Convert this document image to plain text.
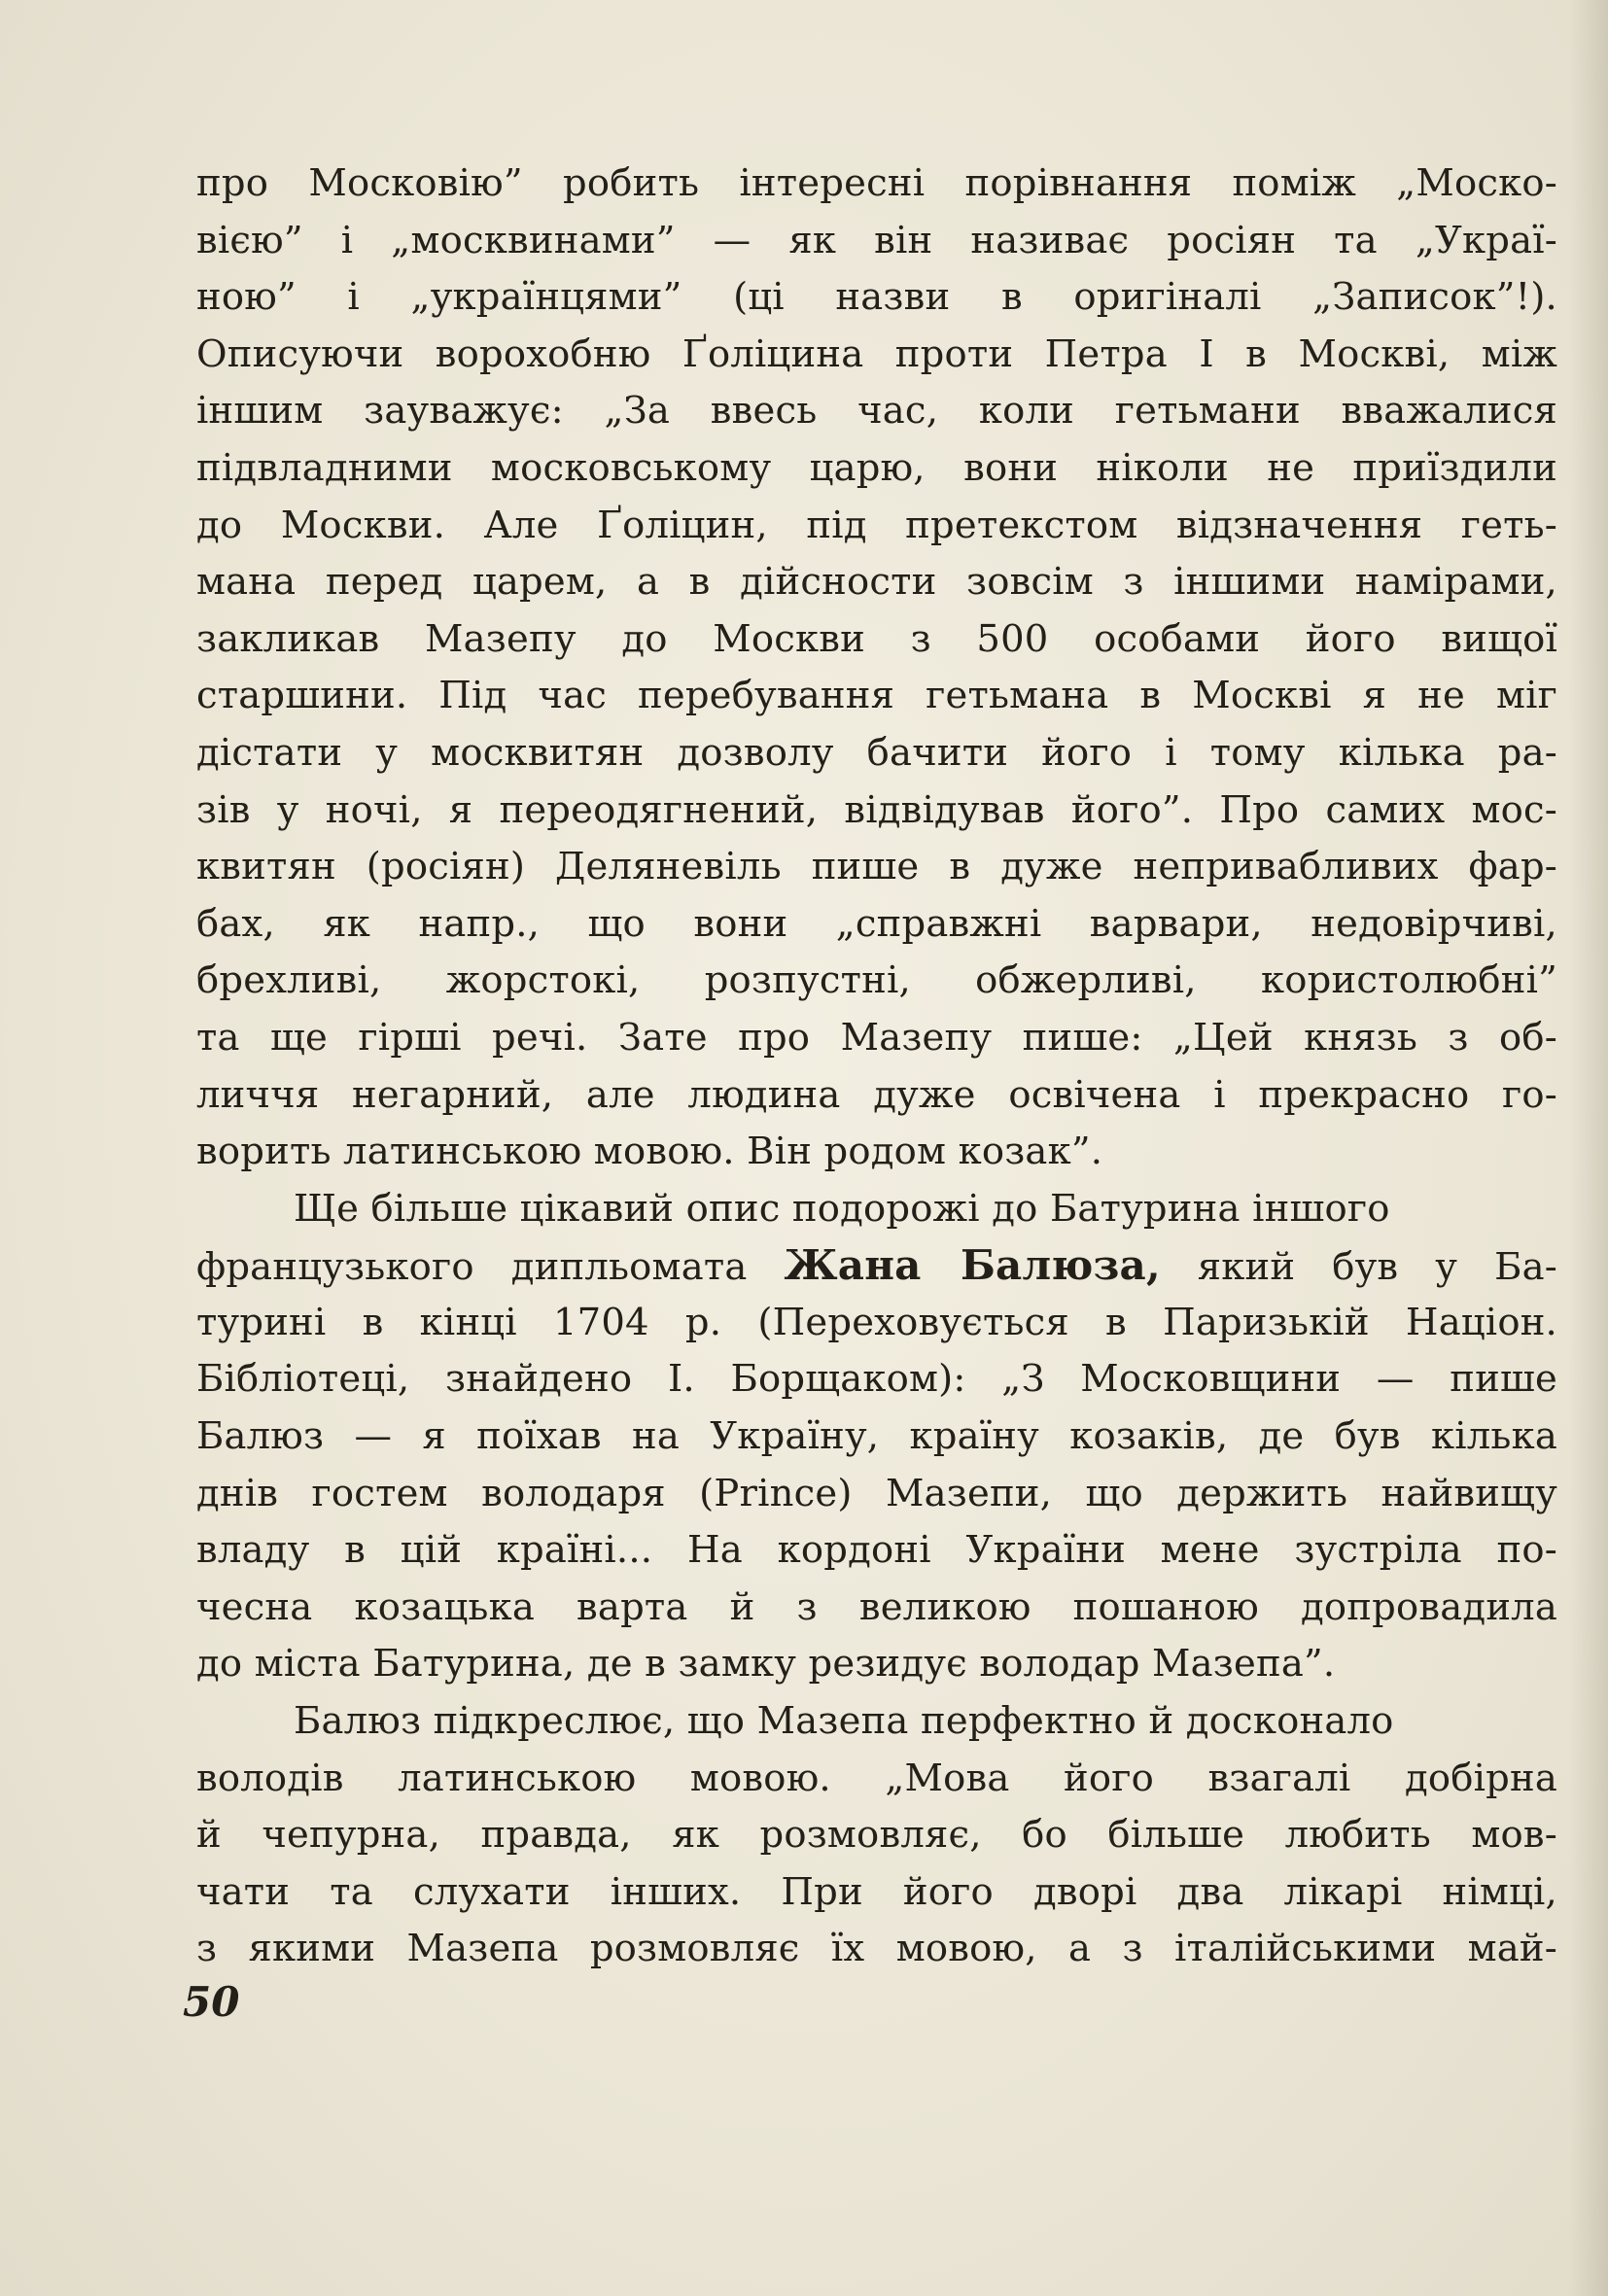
про Московію” робить інтересні порівнання поміж „Моско-
вією” і „москвинами” — як він називає росіян та „Украї-
ною” і „українцями” (ці назви в оригіналі „Записок”!).
Описуючи ворохобню Ґоліцина проти Петра І в Москві, між
іншим зауважує: „За ввесь час, коли гетьмани вважалися
підвладними московському царю, вони ніколи не приїздили
до Москви. Але Ґоліцин, під претекстом відзначення геть-
мана перед царем, а в дійсности зовсім з іншими намірами,
закликав Мазепу до Москви з 500 особами його вищої
старшини. Під час перебування гетьмана в Москві я не міг
дістати у москвитян дозволу бачити його і тому кілька ра-
зів у ночі, я переодягнений, відвідував його”. Про самих мос-
квитян (росіян) Деляневіль пише в дуже непривабливих фар-
бах, як напр., що вони „справжні варвари, недовірчиві,
брехливі, жорстокі, розпустні, обжерливі, користолюбні”
та ще гірші речі. Зате про Мазепу пише: „Цей князь з об-
личчя негарний, але людина дуже освічена і прекрасно го-
ворить латинською мовою. Він родом козак”.
Ще більше цікавий опис подорожі до Батурина іншого
французького дипльомата Жана Балюза, який був у Ба-
турині в кінці 1704 р. (Переховується в Паризькій Націон.
Бібліотеці, знайдено І. Борщаком): „З Московщини — пише
Балюз — я поїхав на Україну, країну козаків, де був кілька
днів гостем володаря (Prince) Мазепи, що держить найвищу
владу в цій країні... На кордоні України мене зустріла по-
чесна козацька варта й з великою пошаною допровадила
до міста Батурина, де в замку резидує володар Мазепа”.
Балюз підкреслює, що Мазепа перфектно й досконало
володів латинською мовою. „Мова його взагалі добірна
й чепурна, правда, як розмовляє, бо більше любить мов-
чати та слухати інших. При його дворі два лікарі німці,
з якими Мазепа розмовляє їх мовою, а з італійськими май-
50
